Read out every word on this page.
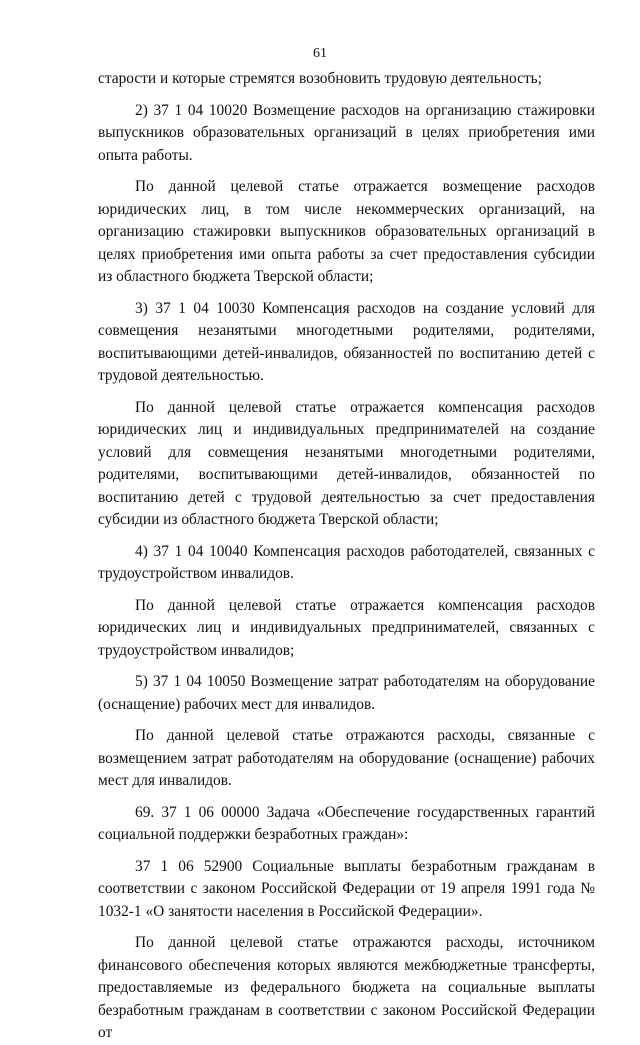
61

старости и которые стремятся возобновить трудовую деятельность;

2) 37 1 04 10020 Возмещение расходов на организацию стажировки выпускников образовательных организаций в целях приобретения ими опыта работы.

По данной целевой статье отражается возмещение расходов юридических лиц, в том числе некоммерческих организаций, на организацию стажировки выпускников образовательных организаций в целях приобретения ими опыта работы за счет предоставления субсидии из областного бюджета Тверской области;

3) 37 1 04 10030 Компенсация расходов на создание условий для совмещения незанятыми многодетными родителями, родителями, воспитывающими детей-инвалидов, обязанностей по воспитанию детей с трудовой деятельностью.

По данной целевой статье отражается компенсация расходов юридических лиц и индивидуальных предпринимателей на создание условий для совмещения незанятыми многодетными родителями, родителями, воспитывающими детей-инвалидов, обязанностей по воспитанию детей с трудовой деятельностью за счет предоставления субсидии из областного бюджета Тверской области;

4) 37 1 04 10040 Компенсация расходов работодателей, связанных с трудоустройством инвалидов.

По данной целевой статье отражается компенсация расходов юридических лиц и индивидуальных предпринимателей, связанных с трудоустройством инвалидов;

5) 37 1 04 10050 Возмещение затрат работодателям на оборудование (оснащение) рабочих мест для инвалидов.

По данной целевой статье отражаются расходы, связанные с возмещением затрат работодателям на оборудование (оснащение) рабочих мест для инвалидов.

69. 37 1 06 00000 Задача «Обеспечение государственных гарантий социальной поддержки безработных граждан»:

37 1 06 52900 Социальные выплаты безработным гражданам в соответствии с законом Российской Федерации от 19 апреля 1991 года № 1032-1 «О занятости населения в Российской Федерации».

По данной целевой статье отражаются расходы, источником финансового обеспечения которых являются межбюджетные трансферты, предоставляемые из федерального бюджета на социальные выплаты безработным гражданам в соответствии с законом Российской Федерации от
